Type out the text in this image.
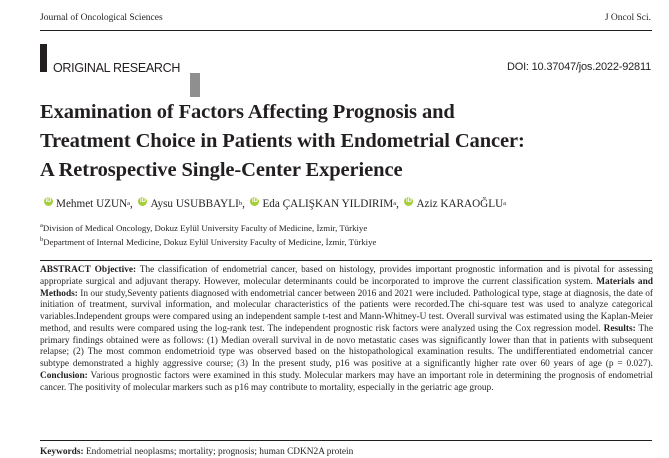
Journal of Oncological Sciences	J Oncol Sci.
ORIGINAL RESEARCH	DOI: 10.37047/jos.2022-92811
Examination of Factors Affecting Prognosis and
Treatment Choice in Patients with Endometrial Cancer:
A Retrospective Single-Center Experience
iD Mehmet UZUN a ,
iD Aysu USUBBAYLI b ,
iD Eda ÇALIŞKAN YILDIRIM a ,
iD Aziz KARAOĞLU a
$^a$Division of Medical Oncology, Dokuz Eylül University Faculty of Medicine, İzmir, Türkiye
$^b$Department of Internal Medicine, Dokuz Eylül University Faculty of Medicine, İzmir, Türkiye

ABSTRACT Objective: The classification of endometrial cancer, based on histology, provides important prognostic information and is pivotal for assessing appropriate surgical and adjuvant therapy. However, molecular determinants could be incorporated to improve the current classification system. Materials and Methods: In our study,Seventy patients diagnosed with endometrial cancer between 2016 and 2021 were included. Pathological type, stage at diagnosis, the date of initiation of treatment, survival information, and molecular characteristics of the patients were recorded.The chi-square test was used to analyze categorical variables.Independent groups were compared using an independent sample t-test and Mann-Whitney-U test. Overall survival was estimated using the Kaplan-Meier method, and results were compared using the log-rank test. The independent prognostic risk factors were analyzed using the Cox regression model. Results: The primary findings obtained were as follows: (1) Median overall survival in de novo metastatic cases was significantly lower than that in patients with subsequent relapse; (2) The most common endometrioid type was observed based on the histopathological examination results. The undifferentiated endometrial cancer subtype demonstrated a highly aggressive course; (3) In the present study, p16 was positive at a significantly higher rate over 60 years of age (p = 0.027). Conclusion: Various prognostic factors were examined in this study. Molecular markers may have an important role in determining the prognosis of endometrial cancer. The positivity of molecular markers such as p16 may contribute to mortality, especially in the geriatric age group.

Keywords: Endometrial neoplasms; mortality; prognosis; human CDKN2A protein
